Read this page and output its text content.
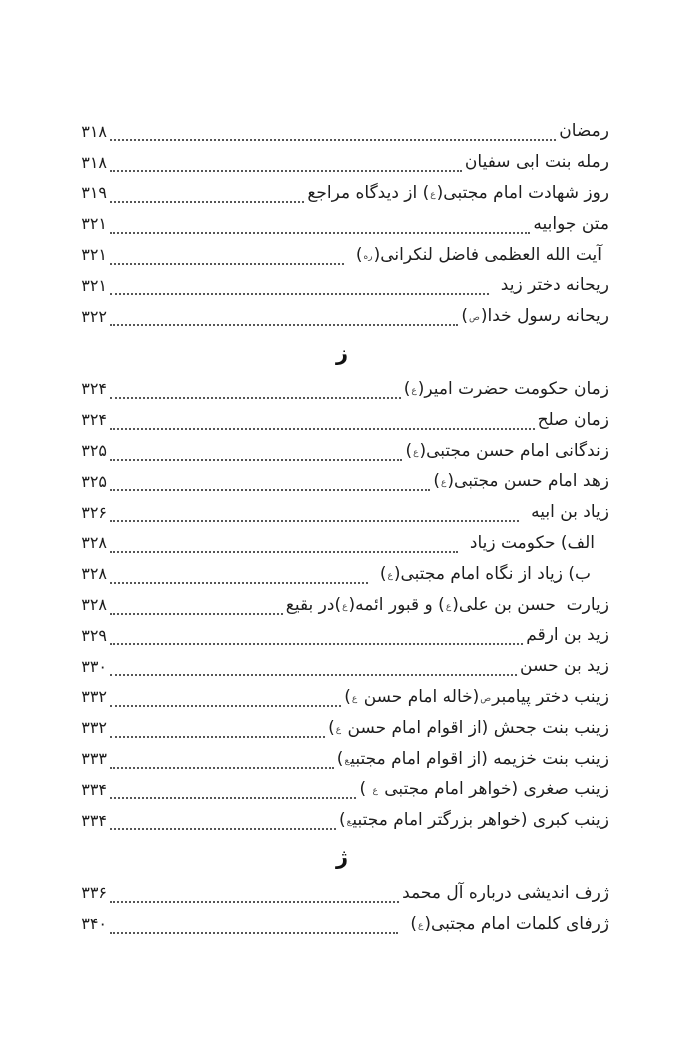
رمضان
۳۱۸
رمله بنت ابی سفیان
۳۱۸
روز شهادت امام مجتبی(ع) از دیدگاه مراجع
۳۱۹
متن جوابیه
۳۲۱
آیت الله العظمی فاضل لنکرانی(ره)
۳۲۱
ریحانه دختر زید
۳۲۱
ریحانه رسول خدا(ص)
۳۲۲
ز
زمان حکومت حضرت امیر(ع)
۳۲۴
زمان صلح
۳۲۴
زندگانی امام حسن مجتبی(ع)
۳۲۵
زهد امام حسن مجتبی(ع)
۳۲۵
زیاد بن ابیه
۳۲۶
الف) حکومت زیاد
۳۲۸
ب) زیاد از نگاه امام مجتبی(ع)
۳۲۸
زیارت  حسن بن علی(ع) و قبور ائمه(ع)در بقیع
۳۲۸
زید بن ارقم
۳۲۹
زید بن حسن
۳۳۰
زینب دختر پیامبرص(خاله امام حسن ع)
۳۳۲
زینب بنت جحش (از اقوام امام حسن ع)
۳۳۲
زینب بنت خزیمه (از اقوام امام مجتبیع)
۳۳۳
زینب صغری (خواهر امام مجتبی ع )
۳۳۴
زینب کبری (خواهر بزرگتر امام مجتبیع)
۳۳۴
ژ
ژرف اندیشی درباره آل محمد
۳۳۶
ژرفای کلمات امام مجتبی(ع)
۳۴۰
